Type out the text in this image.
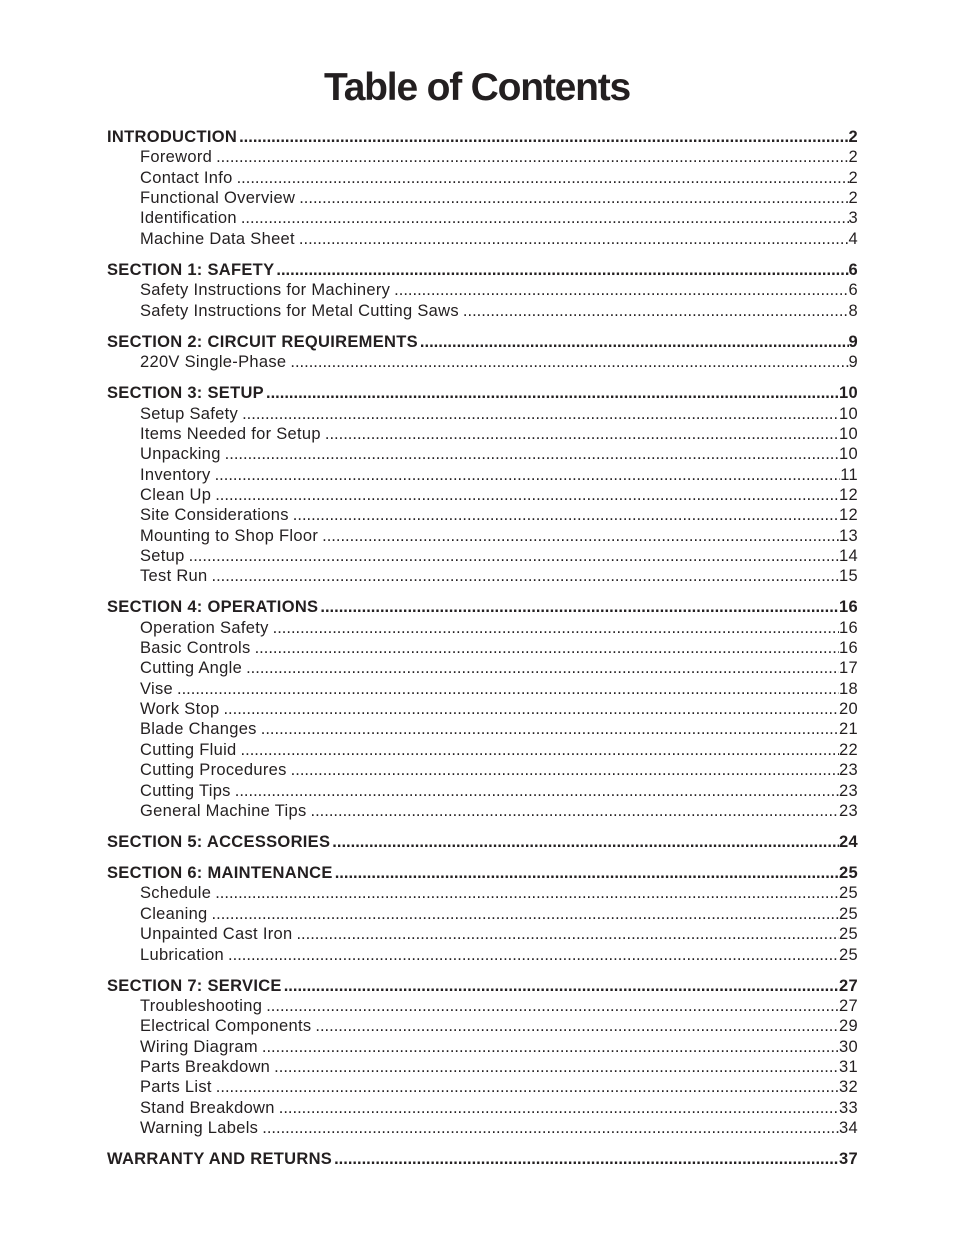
Table of Contents
INTRODUCTION .....	2
Foreword .....	2
Contact Info .....	2
Functional Overview .....	2
Identification .....	3
Machine Data Sheet .....	4
SECTION 1: SAFETY .....	6
Safety Instructions for Machinery .....	6
Safety Instructions for Metal Cutting Saws .....	8
SECTION 2: CIRCUIT REQUIREMENTS .....	9
220V Single-Phase .....	9
SECTION 3: SETUP .....	10
Setup Safety .....	10
Items Needed for Setup .....	10
Unpacking .....	10
Inventory .....	11
Clean Up .....	12
Site Considerations .....	12
Mounting to Shop Floor .....	13
Setup .....	14
Test Run .....	15
SECTION 4: OPERATIONS .....	16
Operation Safety .....	16
Basic Controls .....	16
Cutting Angle .....	17
Vise .....	18
Work Stop .....	20
Blade Changes .....	21
Cutting Fluid .....	22
Cutting Procedures .....	23
Cutting Tips .....	23
General Machine Tips .....	23
SECTION 5: ACCESSORIES .....	24
SECTION 6: MAINTENANCE .....	25
Schedule .....	25
Cleaning .....	25
Unpainted Cast Iron .....	25
Lubrication .....	25
SECTION 7: SERVICE .....	27
Troubleshooting .....	27
Electrical Components .....	29
Wiring Diagram .....	30
Parts Breakdown .....	31
Parts List .....	32
Stand Breakdown .....	33
Warning Labels .....	34
WARRANTY AND RETURNS .....	37
